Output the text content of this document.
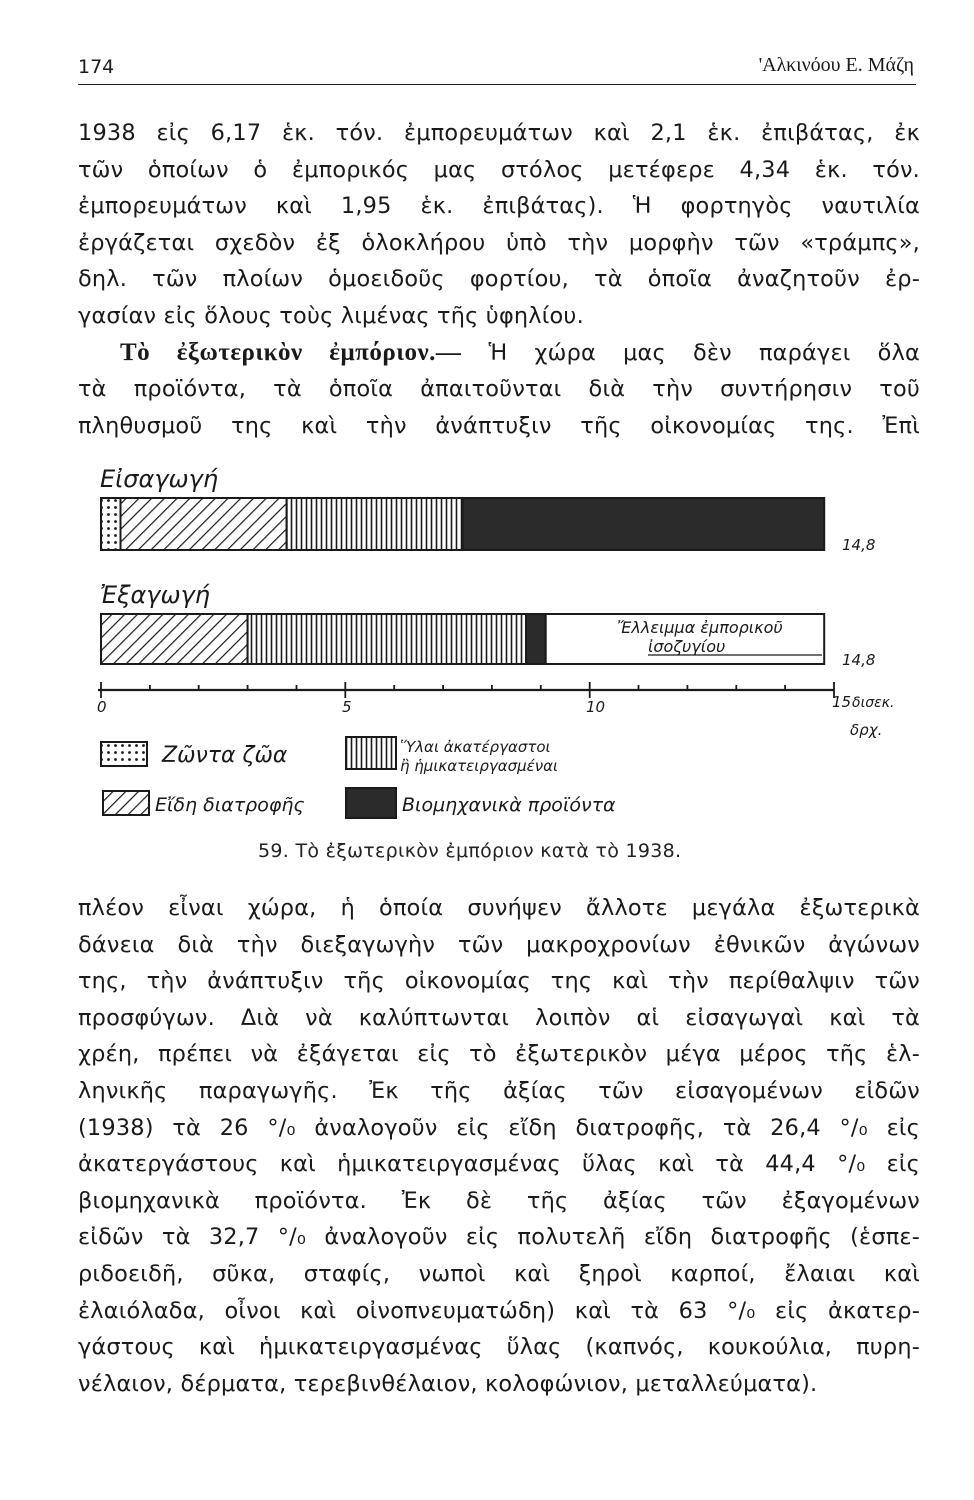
174	'Αλκινόου Ε. Μάζη
1938 εἰς 6,17 ἑκ. τόν. ἐμπορευμάτων καὶ 2,1 ἑκ. ἐπιβάτας, ἐκ
τῶν ὁποίων ὁ ἐμπορικός μας στόλος μετέφερε 4,34 ἑκ. τόν.
ἐμπορευμάτων καὶ 1,95 ἑκ. ἐπιβάτας). Ἡ φορτηγὸς ναυτιλία
ἐργάζεται σχεδὸν ἐξ ὁλοκλήρου ὑπὸ τὴν μορφὴν τῶν «τράμπς»,
δηλ. τῶν πλοίων ὁμοειδοῦς φορτίου, τὰ ὁποῖα ἀναζητοῦν ἐρ-
γασίαν εἰς ὅλους τοὺς λιμένας τῆς ὑφηλίου.
Τὸ ἐξωτερικὸν ἐμπόριον.— Ἡ χώρα μας δὲν παράγει ὅλα
τὰ προϊόντα, τὰ ὁποῖα ἀπαιτοῦνται διὰ τὴν συντήρησιν τοῦ
πληθυσμοῦ της καὶ τὴν ἀνάπτυξιν τῆς οἰκονομίας της. Ἐπὶ
Εἰσαγωγή
Ἐξαγωγή
Ἔλλειμμα ἐμπορικοῦ
ἰσοζυγίου
14,8
14,8
0	5	10	15 δισεκ.
δρχ.
Ζῶντα ζῶα	Ὕλαι ἀκατέργαστοι
ἢ ἡμικατειργασμέναι
Εἴδη διατροφῆς	Βιομηχανικὰ προϊόντα
59. Τὸ ἐξωτερικὸν ἐμπόριον κατὰ τὸ 1938.
πλέον εἶναι χώρα, ἡ ὁποία συνήψεν ἄλλοτε μεγάλα ἐξωτερικὰ
δάνεια διὰ τὴν διεξαγωγὴν τῶν μακροχρονίων ἐθνικῶν ἀγώνων
της, τὴν ἀνάπτυξιν τῆς οἰκονομίας της καὶ τὴν περίθαλψιν τῶν
προσφύγων. Διὰ νὰ καλύπτωνται λοιπὸν αἱ εἰσαγωγαὶ καὶ τὰ
χρέη, πρέπει νὰ ἐξάγεται εἰς τὸ ἐξωτερικὸν μέγα μέρος τῆς ἑλ-
ληνικῆς παραγωγῆς. Ἐκ τῆς ἀξίας τῶν εἰσαγομένων εἰδῶν
(1938) τὰ 26 °/₀ ἀναλογοῦν εἰς εἴδη διατροφῆς, τὰ 26,4 °/₀ εἰς
ἀκατεργάστους καὶ ἡμικατειργασμένας ὕλας καὶ τὰ 44,4 °/₀ εἰς
βιομηχανικὰ προϊόντα. Ἐκ δὲ τῆς ἀξίας τῶν ἐξαγομένων
εἰδῶν τὰ 32,7 °/₀ ἀναλογοῦν εἰς πολυτελῆ εἴδη διατροφῆς (ἑσπε-
ριδοειδῆ, σῦκα, σταφίς, νωποὶ καὶ ξηροὶ καρποί, ἔλαιαι καὶ
ἐλαιόλαδα, οἶνοι καὶ οἰνοπνευματώδη) καὶ τὰ 63 °/₀ εἰς ἀκατερ-
γάστους καὶ ἡμικατειργασμένας ὕλας (καπνός, κουκούλια, πυρη-
νέλαιον, δέρματα, τερεβινθέλαιον, κολοφώνιον, μεταλλεύματα).
